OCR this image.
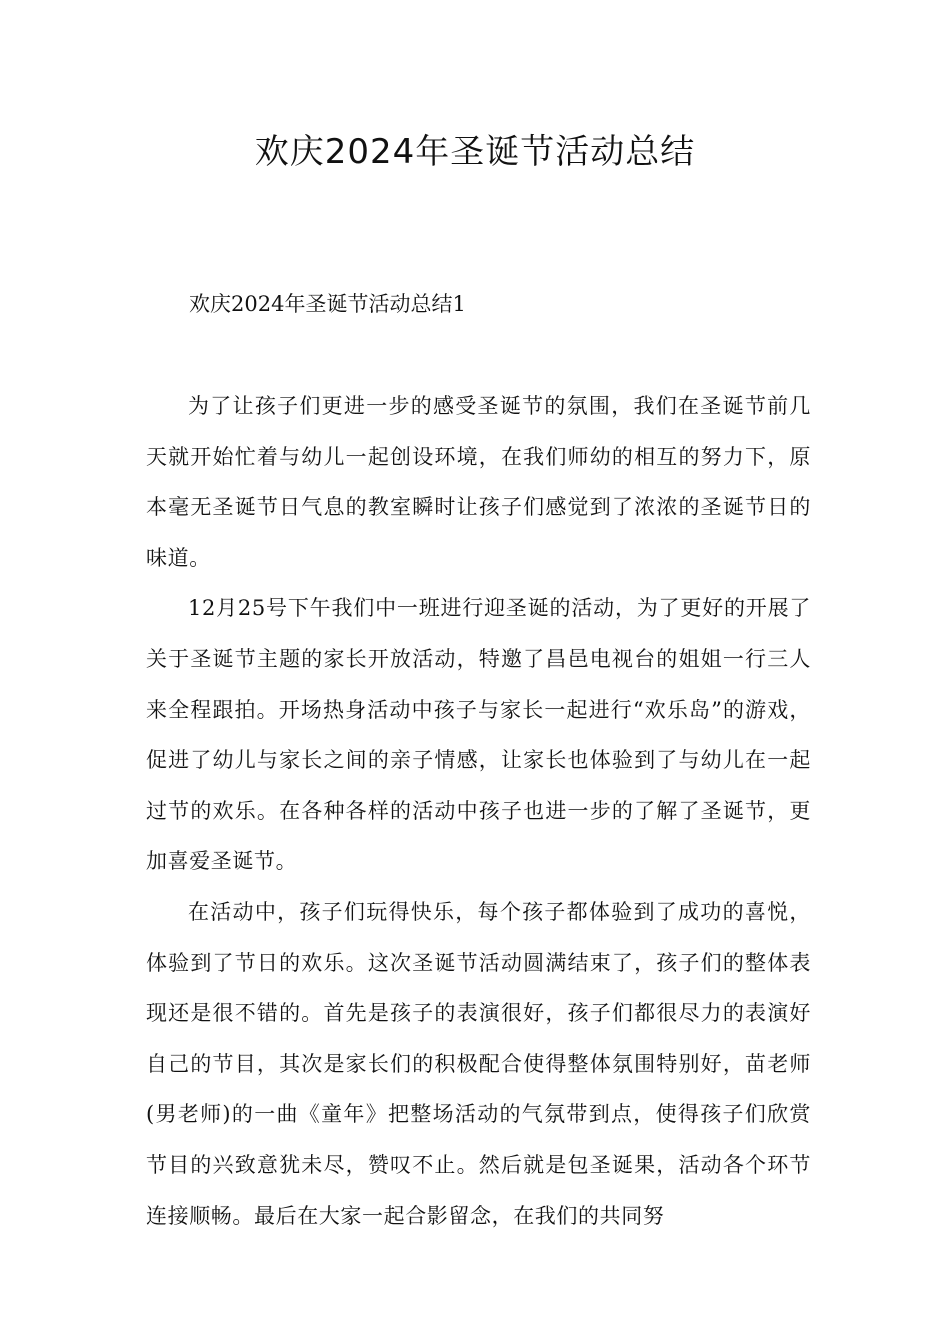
欢庆2024年圣诞节活动总结
欢庆2024年圣诞节活动总结1

为了让孩子们更进一步的感受圣诞节的氛围，我们在圣诞节前几天就开始忙着与幼儿一起创设环境，在我们师幼的相互的努力下，原本毫无圣诞节日气息的教室瞬时让孩子们感觉到了浓浓的圣诞节日的味道。

12月25号下午我们中一班进行迎圣诞的活动，为了更好的开展了关于圣诞节主题的家长开放活动，特邀了昌邑电视台的姐姐一行三人来全程跟拍。开场热身活动中孩子与家长一起进行“欢乐岛”的游戏，促进了幼儿与家长之间的亲子情感，让家长也体验到了与幼儿在一起过节的欢乐。在各种各样的活动中孩子也进一步的了解了圣诞节，更加喜爱圣诞节。

在活动中，孩子们玩得快乐，每个孩子都体验到了成功的喜悦，体验到了节日的欢乐。这次圣诞节活动圆满结束了，孩子们的整体表现还是很不错的。首先是孩子的表演很好，孩子们都很尽力的表演好自己的节目，其次是家长们的积极配合使得整体氛围特别好，苗老师(男老师)的一曲《童年》把整场活动的气氛带到点，使得孩子们欣赏节目的兴致意犹未尽，赞叹不止。然后就是包圣诞果，活动各个环节连接顺畅。最后在大家一起合影留念，在我们的共同努
